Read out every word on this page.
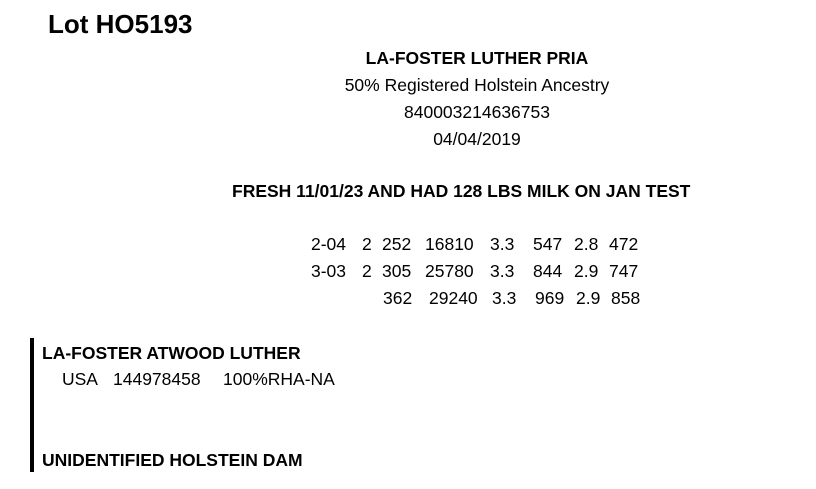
Lot HO5193
LA-FOSTER LUTHER PRIA
50% Registered Holstein Ancestry
840003214636753
04/04/2019
FRESH 11/01/23 AND HAD 128 LBS MILK ON JAN TEST
2-04 2 252 16810 3.3 547 2.8 472
3-03 2 305 25780 3.3 844 2.9 747
362 29240 3.3 969 2.9 858
LA-FOSTER ATWOOD LUTHER
USA 144978458 100%RHA-NA
UNIDENTIFIED HOLSTEIN DAM
